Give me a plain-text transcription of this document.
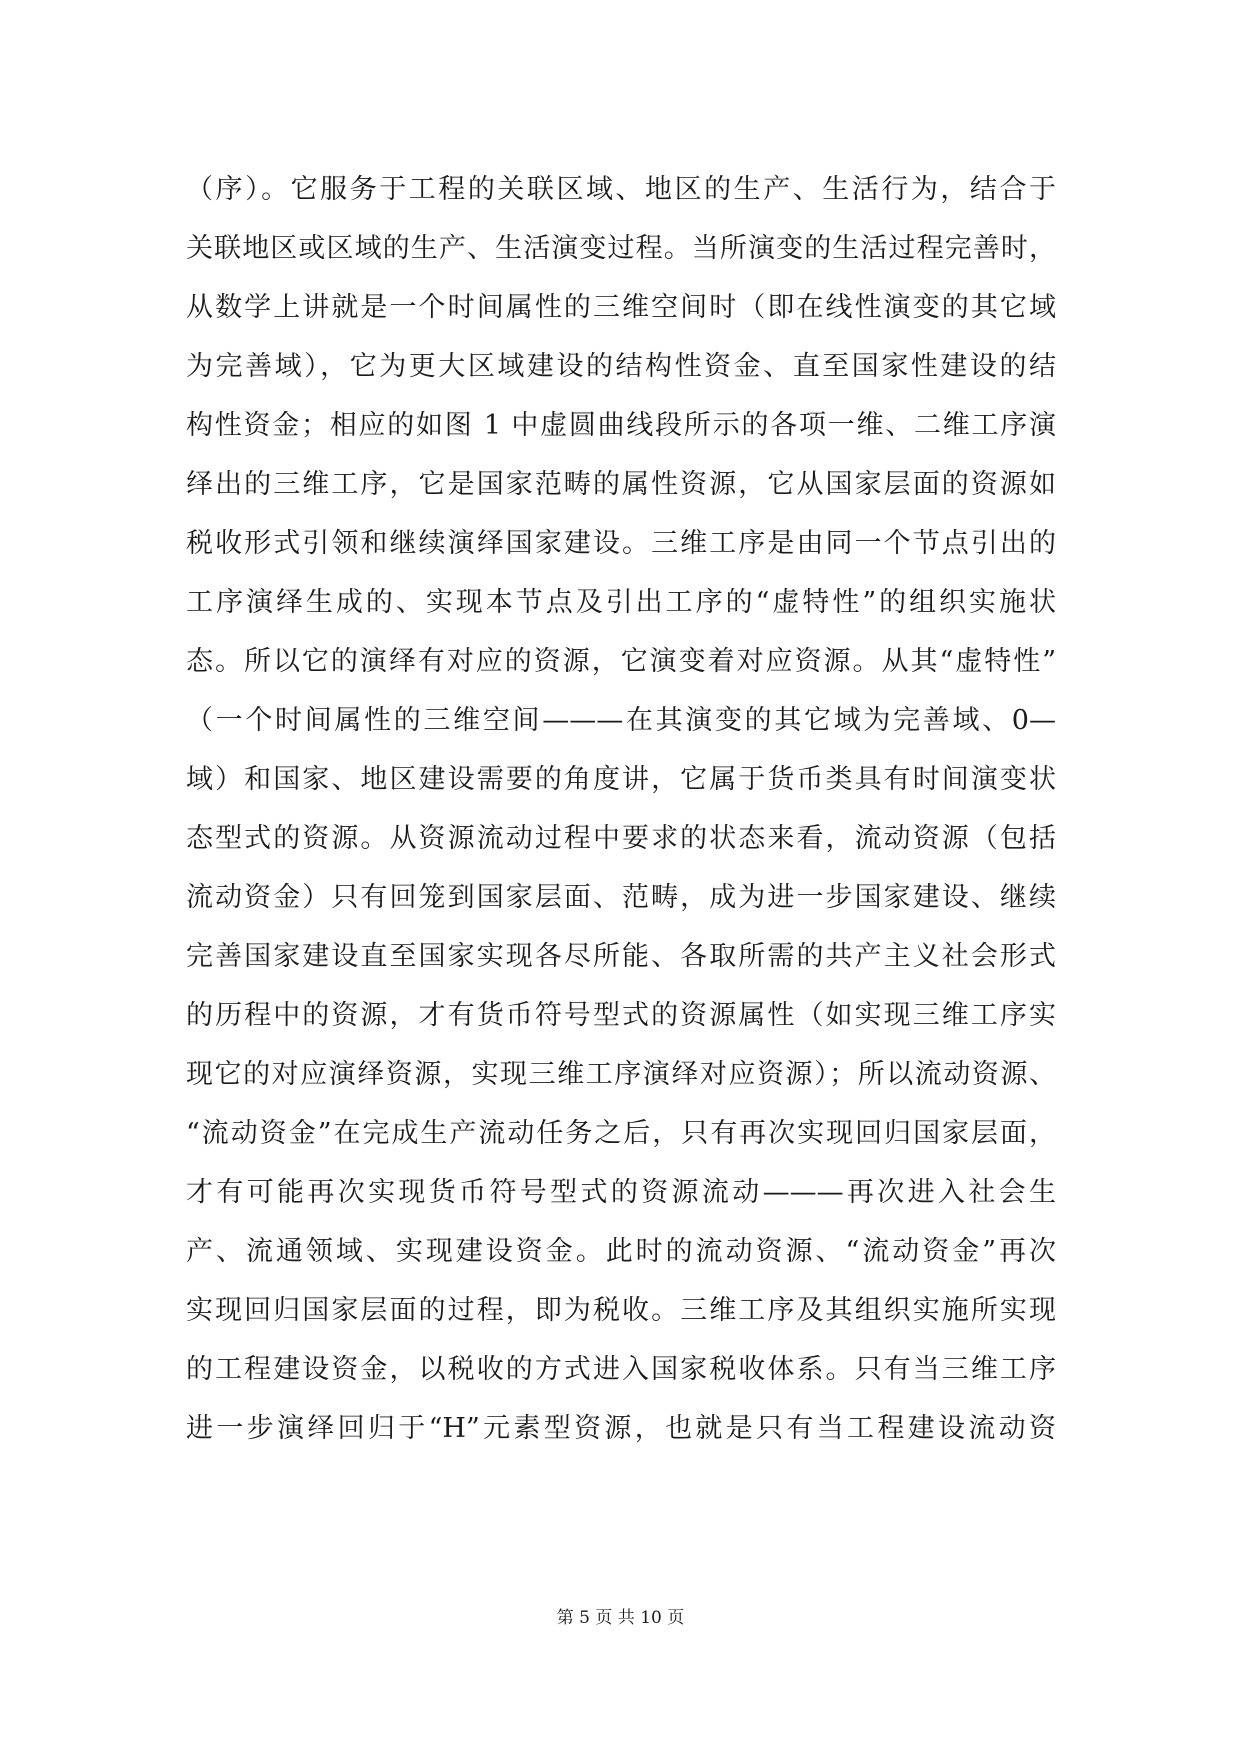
（序）。它服务于工程的关联区域、地区的生产、生活行为，结合于
关联地区或区域的生产、生活演变过程。当所演变的生活过程完善时，
从数学上讲就是一个时间属性的三维空间时（即在线性演变的其它域
为完善域），它为更大区域建设的结构性资金、直至国家性建设的结
构性资金；相应的如图 1 中虚圆曲线段所示的各项一维、二维工序演
绎出的三维工序，它是国家范畴的属性资源，它从国家层面的资源如
税收形式引领和继续演绎国家建设。三维工序是由同一个节点引出的
工序演绎生成的、实现本节点及引出工序的“虚特性”的组织实施状
态。所以它的演绎有对应的资源，它演变着对应资源。从其“虚特性”
（一个时间属性的三维空间———在其演变的其它域为完善域、0—
域）和国家、地区建设需要的角度讲，它属于货币类具有时间演变状
态型式的资源。从资源流动过程中要求的状态来看，流动资源（包括
流动资金）只有回笼到国家层面、范畴，成为进一步国家建设、继续
完善国家建设直至国家实现各尽所能、各取所需的共产主义社会形式
的历程中的资源，才有货币符号型式的资源属性（如实现三维工序实
现它的对应演绎资源，实现三维工序演绎对应资源）；所以流动资源、
“流动资金”在完成生产流动任务之后，只有再次实现回归国家层面，
才有可能再次实现货币符号型式的资源流动———再次进入社会生
产、流通领域、实现建设资金。此时的流动资源、“流动资金”再次
实现回归国家层面的过程，即为税收。三维工序及其组织实施所实现
的工程建设资金，以税收的方式进入国家税收体系。只有当三维工序
进一步演绎回归于“H”元素型资源，也就是只有当工程建设流动资
第 5 页 共 10 页
